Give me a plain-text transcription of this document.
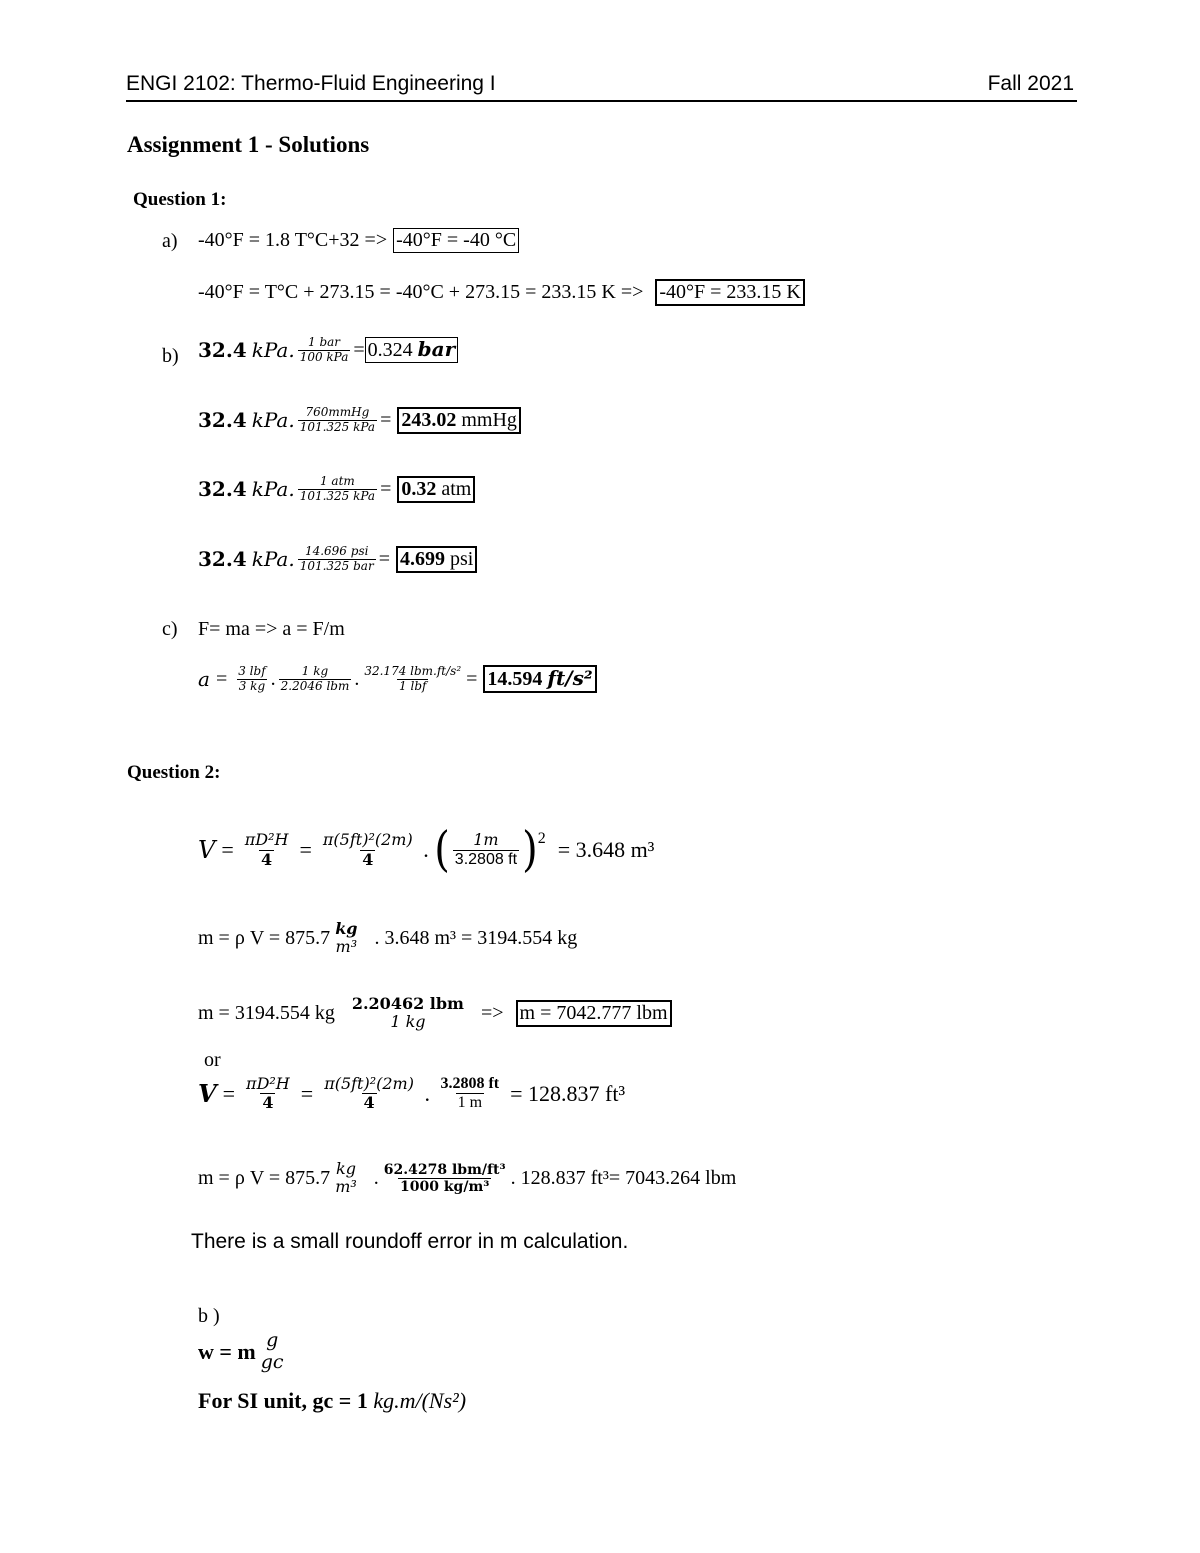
ENGI 2102: Thermo-Fluid Engineering I	Fall 2021
Assignment 1 - Solutions
Question 1:
a) -40°F = 1.8 T°C+32 => -40°F = -40 °C
-40°F = T°C + 273.15 = -40°C + 273.15 = 233.15 K => -40°F = 233.15 K
b) 32.4
kPa. $\frac{\text{1 bar}}{\text{100 kPa}} = 0.324$ bar
32.4
kPa. $\frac{\text{760mmHg}}{\text{101.325 kPa}} = 243.02$ mmHg
32.4
kPa. $\frac{\text{1 atm}}{\text{101.325 kPa}} = 0.32$ atm
32.4
kPa. $\frac{\text{14.696 psi}}{\text{101.325 bar}} = 4.699$ psi
c) F= ma => a = F/m
$a = \frac{\text{3 lbf}}{3 kg}$ . $\frac{1 kg}{\text{2.2046 lbm}}$ . $\frac{\text{32.174 lbm.ft/s²}}{\text{1 lbf}} = 14.594$ ft/s²
Question 2:
$V = \frac{\text{πD²H}}{4} = \frac{\text{π(5ft)²(2m)}}{4}$ . ( $\frac{1m}{3.2808 ft} )^2 = 3.648$ m³
m = ρ V = 875.7 kg
m³ . 3.648 m³ = 3194.554 kg
m = 3194.554 kg 2.20462 lbm
1 kg	=> m = 7042.777 lbm
or
$V = \frac{\text{πD²H}}{4} = \frac{\text{π(5ft)²(2m)}}{4}$ . $\frac{3.2808 ft}{1 m} = 128.837$ ft³
m = ρ V = 875.7 kg
m³ . $\frac{\text{62.4278 lbm/ft³}}{\text{1000 kg/m³}}$ . 128.837 ft³= 7043.264 lbm
There is a small roundoff error in m calculation.
b )
w = m g
gc
For SI unit, gc = 1 kg.m/(Ns²)
